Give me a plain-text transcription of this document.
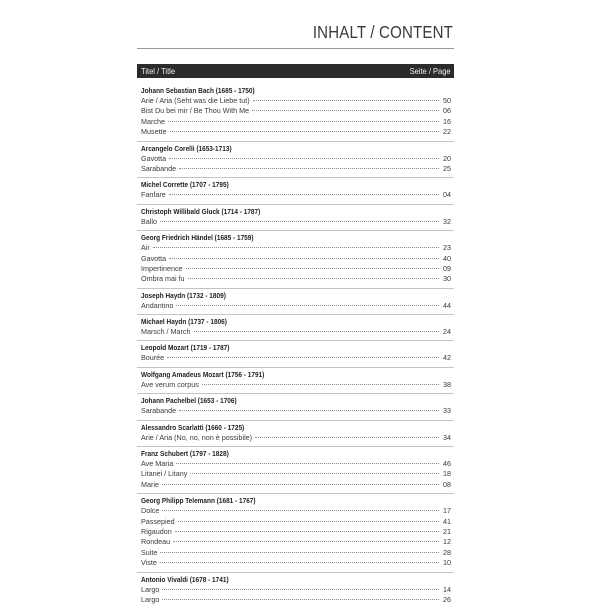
INHALT / CONTENT
Titel / Title	Seite / Page
Johann Sebastian Bach (1685 - 1750)
Arie / Aria (Seht was die Liebe tut)	50
Bist Du bei mir / Be Thou With Me	06
Marche	16
Musette	22
Arcangelo Corelli (1653-1713)
Gavotta	20
Sarabande	25
Michel Corrette (1707 - 1795)
Fanfare	04
Christoph Willibald Gluck (1714 - 1787)
Ballo	32
Georg Friedrich Händel (1685 - 1759)
Air	23
Gavotta	40
Impertinence	09
Ombra mai fu	30
Joseph Haydn (1732 - 1809)
Andantino	44
Michael Haydn (1737 - 1806)
Marsch / March	24
Leopold Mozart (1719 - 1787)
Bourée	42
Wolfgang Amadeus Mozart (1756 - 1791)
Ave verum corpus	38
Johann Pachelbel (1653 - 1706)
Sarabande	33
Alessandro Scarlatti (1660 - 1725)
Arie / Aria (No, no, non è possibile)	34
Franz Schubert (1797 - 1828)
Ave Maria	46
Litanei / Litany	18
Marie	08
Georg Philipp Telemann (1681 - 1767)
Dolce	17
Passepied	41
Rigaudon	21
Rondeau	12
Suite	28
Viste	10
Antonio Vivaldi (1678 - 1741)
Largo	14
Largo	26
